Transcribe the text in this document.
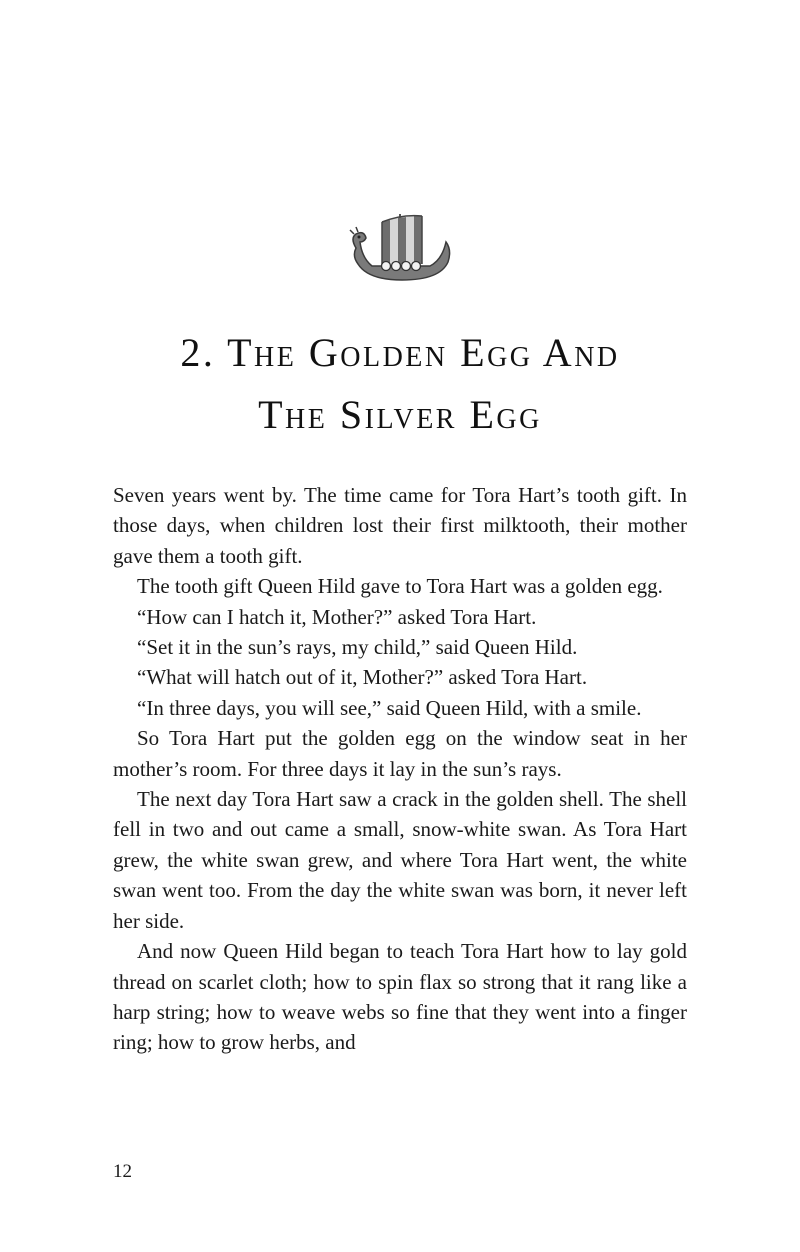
2. The Golden Egg And
The Silver Egg

Seven years went by. The time came for Tora Hart’s tooth gift. In those days, when children lost their first milktooth, their mother gave them a tooth gift.

The tooth gift Queen Hild gave to Tora Hart was a golden egg.

“How can I hatch it, Mother?” asked Tora Hart.

“Set it in the sun’s rays, my child,” said Queen Hild.

“What will hatch out of it, Mother?” asked Tora Hart.

“In three days, you will see,” said Queen Hild, with a smile.

So Tora Hart put the golden egg on the window seat in her mother’s room. For three days it lay in the sun’s rays.

The next day Tora Hart saw a crack in the golden shell. The shell fell in two and out came a small, snow-white swan. As Tora Hart grew, the white swan grew, and where Tora Hart went, the white swan went too. From the day the white swan was born, it never left her side.

And now Queen Hild began to teach Tora Hart how to lay gold thread on scarlet cloth; how to spin flax so strong that it rang like a harp string; how to weave webs so fine that they went into a finger ring; how to grow herbs, and

12
